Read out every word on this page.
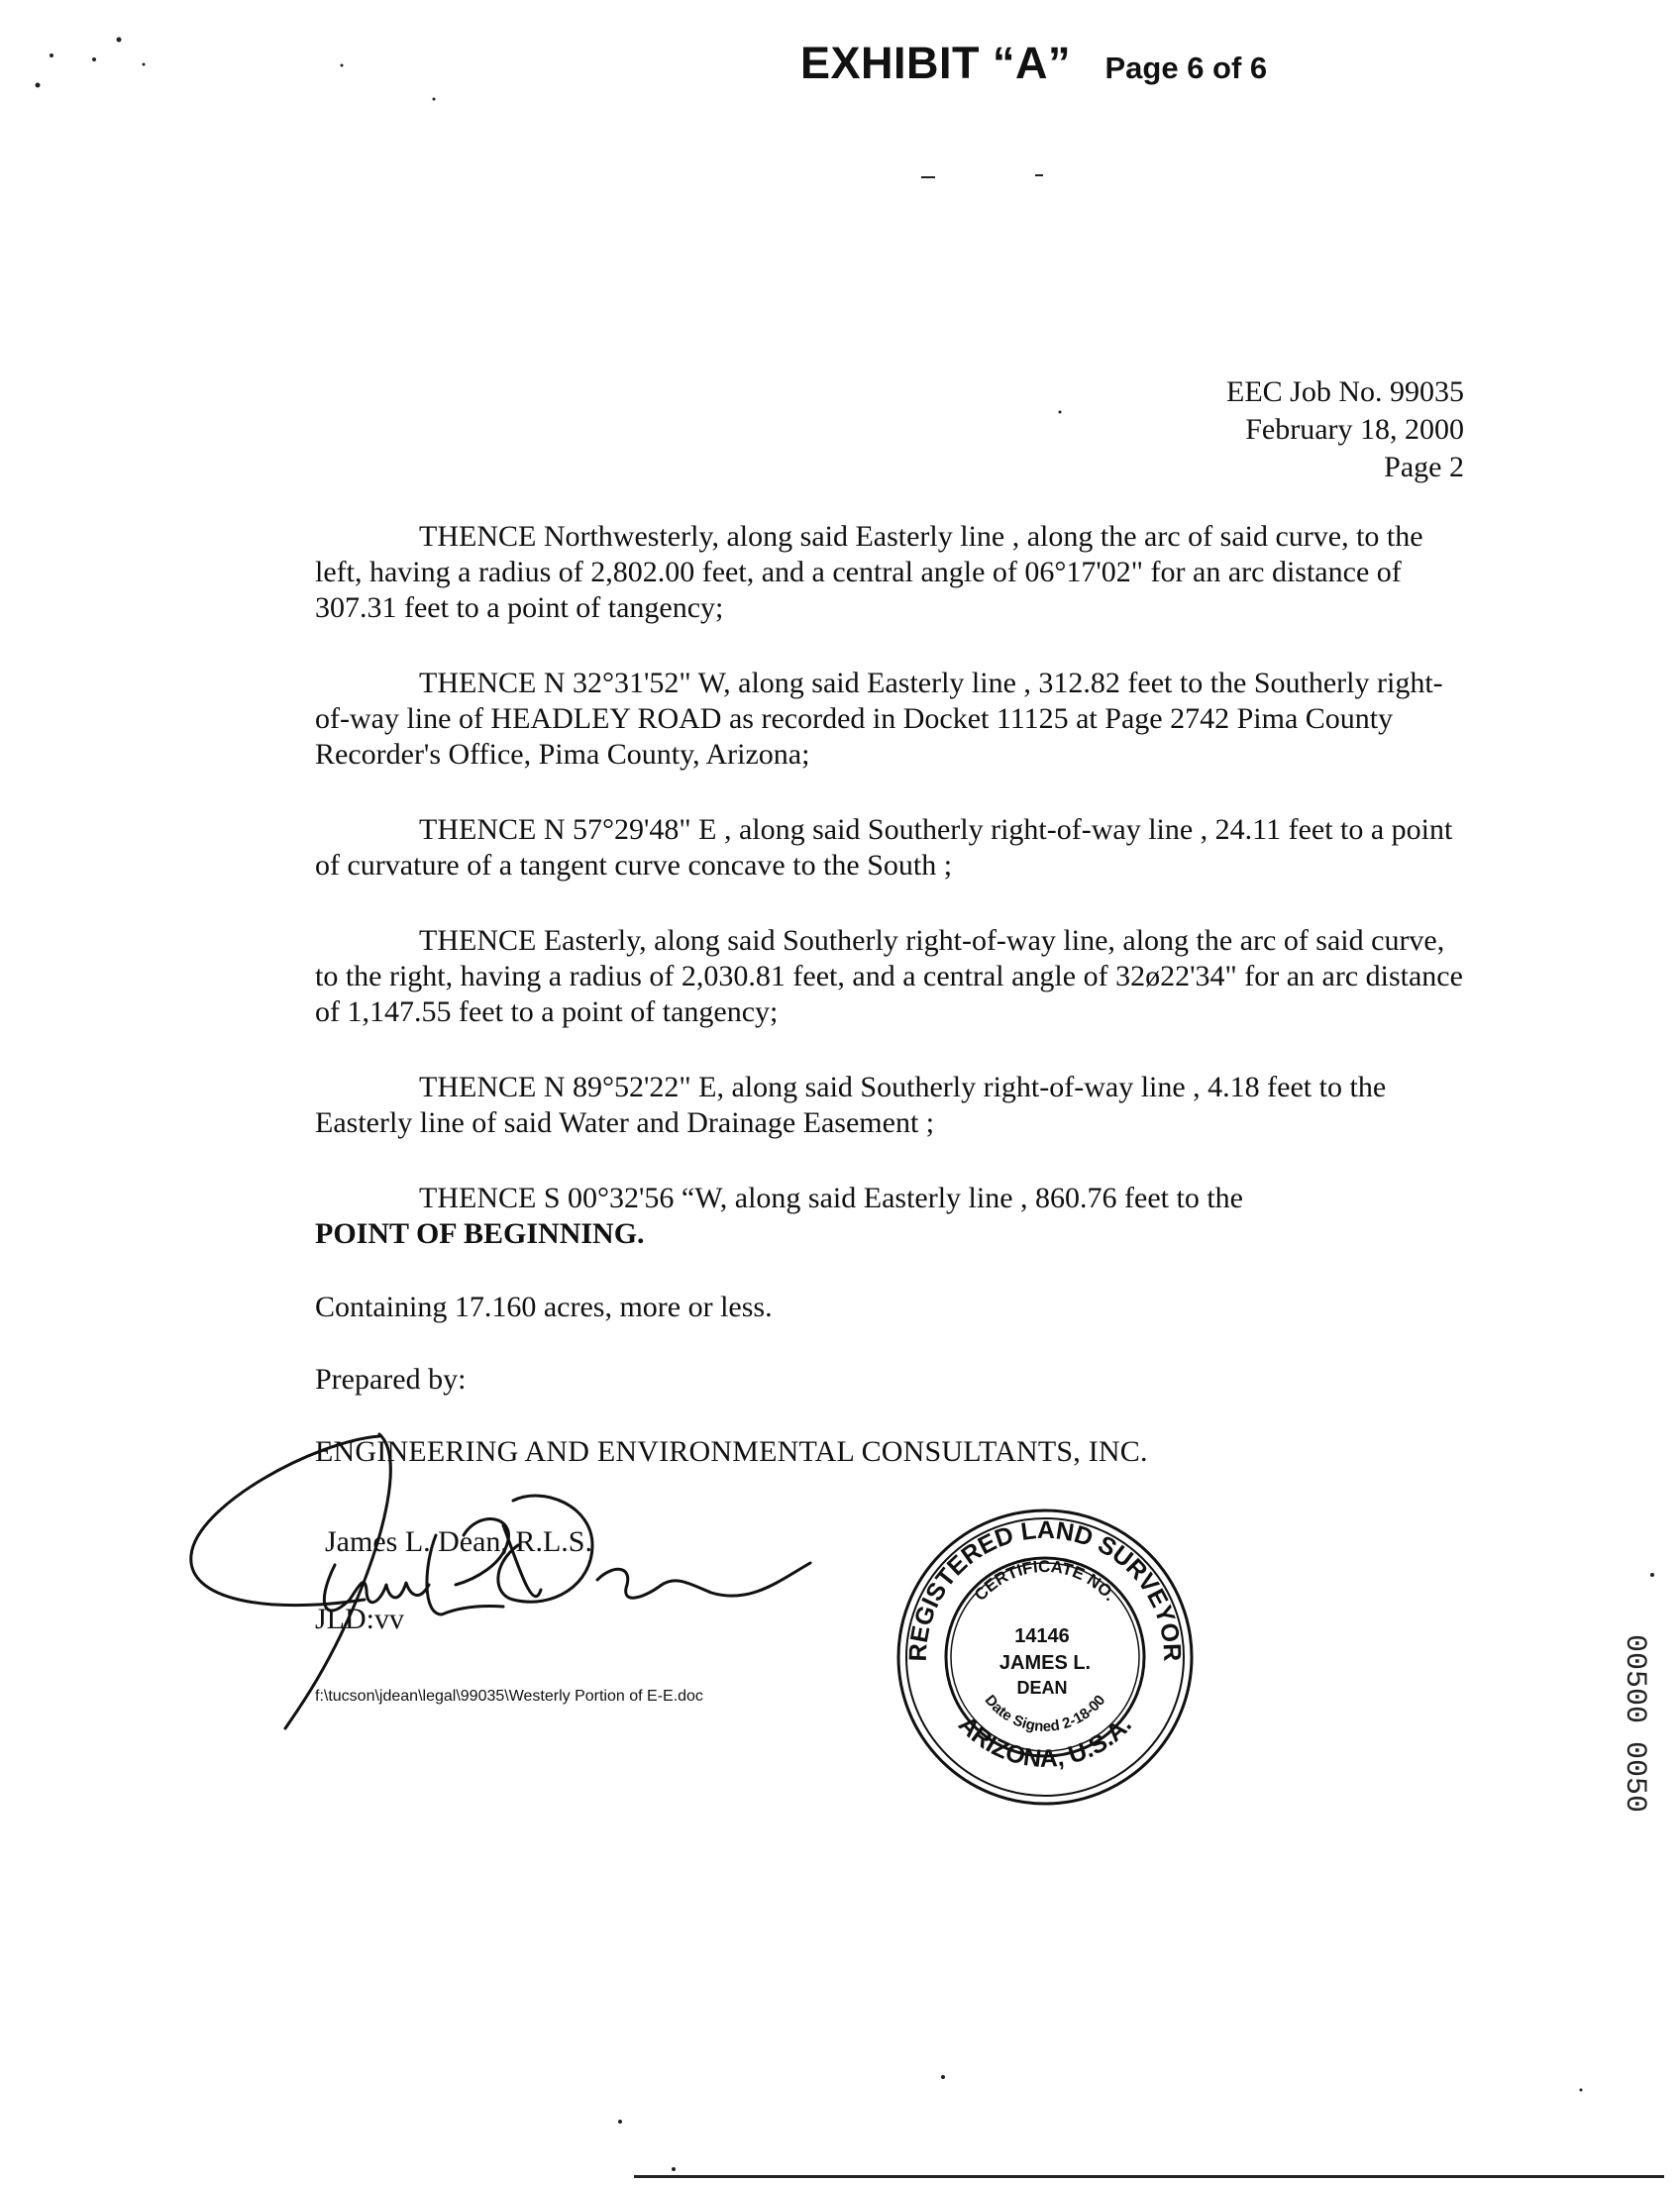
EXHIBIT “A” Page 6 of 6
EEC Job No. 99035
February 18, 2000
Page 2

THENCE Northwesterly, along said Easterly line , along the arc of said curve, to the left, having a radius of 2,802.00 feet, and a central angle of 06°17'02" for an arc distance of 307.31 feet to a point of tangency;

THENCE N 32°31'52" W, along said Easterly line , 312.82 feet to the Southerly right-of-way line of HEADLEY ROAD as recorded in Docket 11125 at Page 2742 Pima County Recorder's Office, Pima County, Arizona;

THENCE N 57°29'48" E , along said Southerly right-of-way line , 24.11 feet to a point of curvature of a tangent curve concave to the South ;

THENCE Easterly, along said Southerly right-of-way line, along the arc of said curve, to the right, having a radius of 2,030.81 feet, and a central angle of 32ø22'34" for an arc distance of 1,147.55 feet to a point of tangency;

THENCE N 89°52'22" E, along said Southerly right-of-way line , 4.18 feet to the Easterly line of said Water and Drainage Easement ;

THENCE S 00°32'56 “W, along said Easterly line , 860.76 feet to the
POINT OF BEGINNING.

Containing 17.160 acres, more or less.

Prepared by:

ENGINEERING AND ENVIRONMENTAL CONSULTANTS, INC.

James L. Dean, R.L.S.

JLD:vv

f:\tucson\jdean\legal\99035\Westerly Portion of E-E.doc
REGISTERED LAND SURVEYOR
ARIZONA, U.S.A.
CERTIFICATE NO.
Date Signed 2-18-00
14146
JAMES L.
DEAN	00500 0050
